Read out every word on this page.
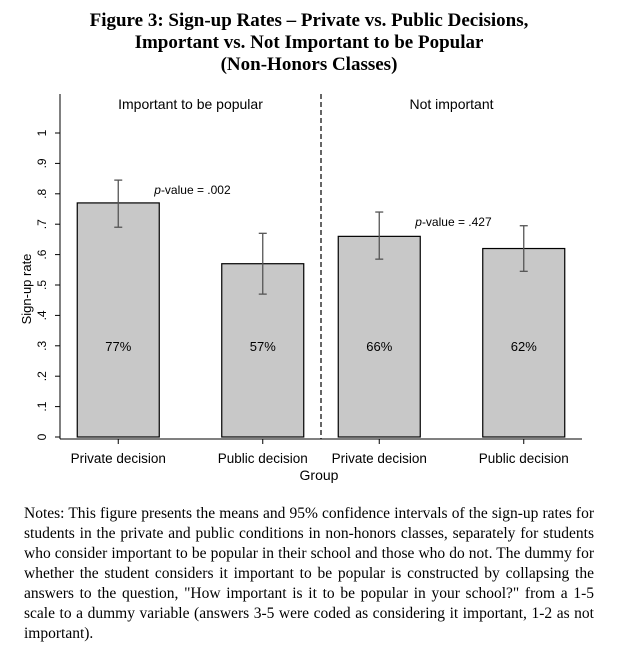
Figure 3: Sign-up Rates – Private vs. Public Decisions,
Important vs. Not Important to be Popular
(Non-Honors Classes)
0
.1
.2
.3
.4
.5
.6
.7
.8
.9
1
Sign-up rate
Important to be popular
77%
Private decision
57%
Public decision
p-value = .002
Not important
66%
Private decision
62%
Public decision
p-value = .427
Group
Notes: This figure presents the means and 95% confidence intervals of the sign-up rates for students in the private and public conditions in non-honors classes, separately for students who consider important to be popular in their school and those who do not. The dummy for whether the student considers it important to be popular is constructed by collapsing the answers to the question, "How important is it to be popular in your school?" from a 1-5 scale to a dummy variable (answers 3-5 were coded as considering it important, 1-2 as not important).
